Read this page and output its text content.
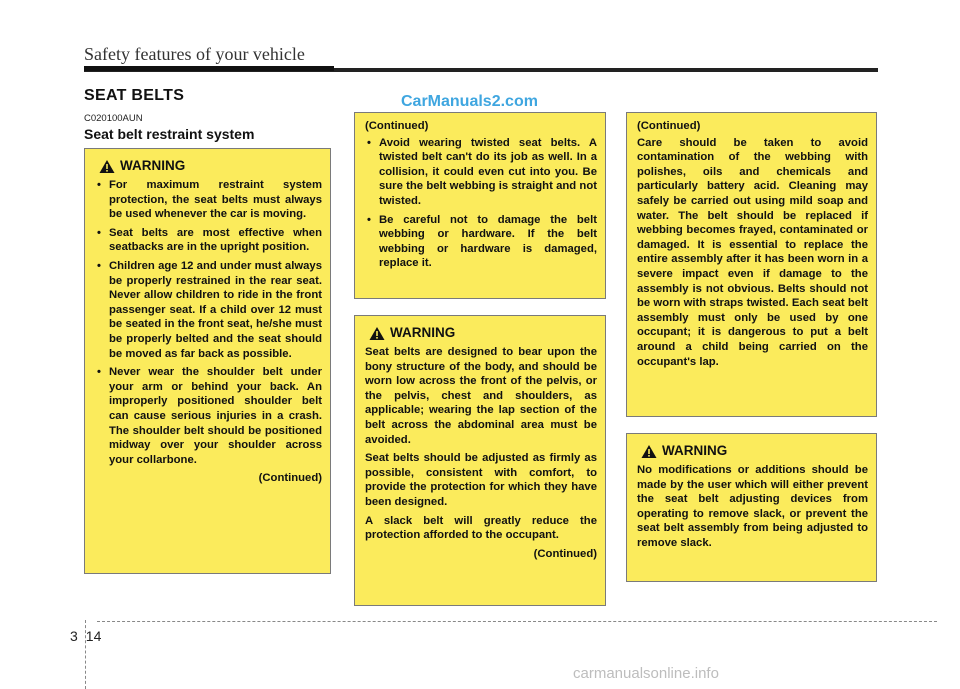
Safety features of your vehicle
SEAT BELTS	CarManuals2.com
C020100AUN
Seat belt restraint system
WARNING
• For maximum restraint system protection, the seat belts must always be used whenever the car is moving.
• Seat belts are most effective when seatbacks are in the upright position.
• Children age 12 and under must always be properly restrained in the rear seat. Never allow children to ride in the front passenger seat. If a child over 12 must be seated in the front seat, he/she must be properly belted and the seat should be moved as far back as possible.
• Never wear the shoulder belt under your arm or behind your back. An improperly positioned shoulder belt can cause serious injuries in a crash. The shoulder belt should be positioned midway over your shoulder across your collarbone.
(Continued)
(Continued)
• Avoid wearing twisted seat belts. A twisted belt can't do its job as well. In a collision, it could even cut into you. Be sure the belt webbing is straight and not twisted.
• Be careful not to damage the belt webbing or hardware. If the belt webbing or hardware is damaged, replace it.
WARNING

Seat belts are designed to bear upon the bony structure of the body, and should be worn low across the front of the pelvis, or the pelvis, chest and shoulders, as applicable; wearing the lap section of the belt across the abdominal area must be avoided.

Seat belts should be adjusted as firmly as possible, consistent with comfort, to provide the protection for which they have been designed.

A slack belt will greatly reduce the protection afforded to the occupant.

(Continued)
(Continued)

Care should be taken to avoid contamination of the webbing with polishes, oils and chemicals and particularly battery acid. Cleaning may safely be carried out using mild soap and water. The belt should be replaced if webbing becomes frayed, contaminated or damaged. It is essential to replace the entire assembly after it has been worn in a severe impact even if damage to the assembly is not obvious. Belts should not be worn with straps twisted. Each seat belt assembly must only be used by one occupant; it is dangerous to put a belt around a child being carried on the occupant's lap.

WARNING

No modifications or additions should be made by the user which will either prevent the seat belt adjusting devices from operating to remove slack, or prevent the seat belt assembly from being adjusted to remove slack.

3 14
carmanualsonline.info
